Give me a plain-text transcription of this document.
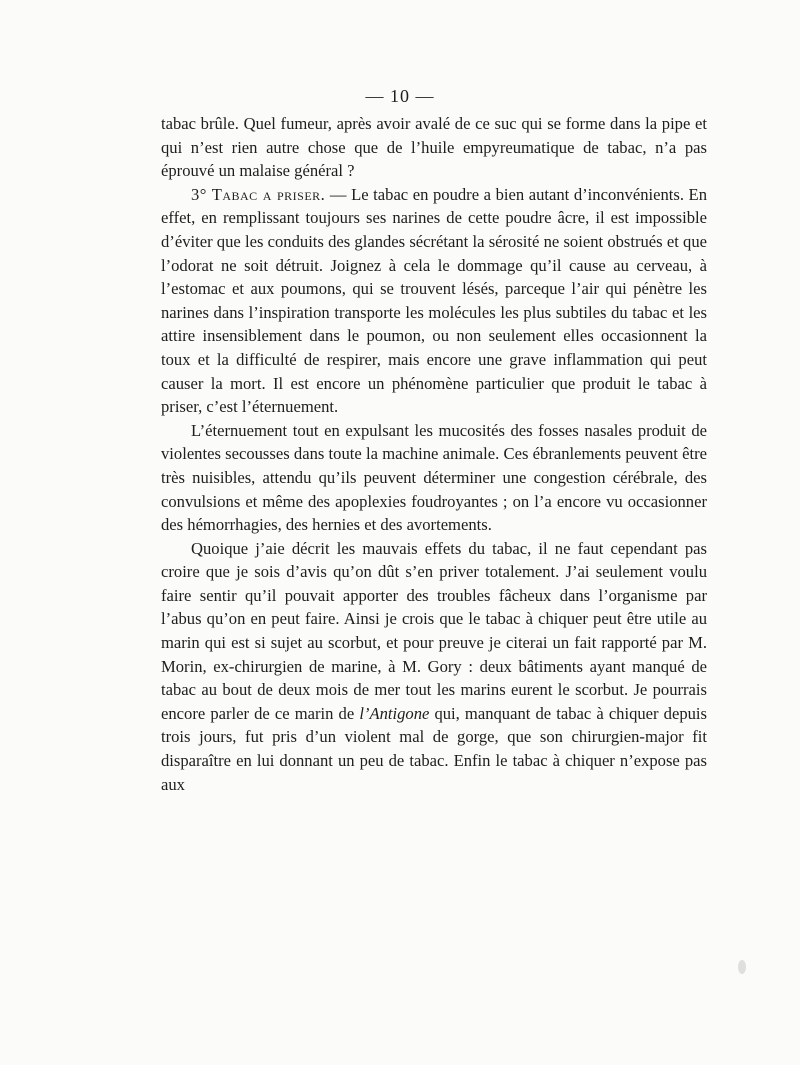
— 10 —

tabac brûle. Quel fumeur, après avoir avalé de ce suc qui se forme dans la pipe et qui n’est rien autre chose que de l’huile empyreumatique de tabac, n’a pas éprouvé un malaise général ?

3° Tabac a priser. — Le tabac en poudre a bien autant d’inconvénients. En effet, en remplissant toujours ses narines de cette poudre âcre, il est impossible d’éviter que les conduits des glandes sécrétant la sérosité ne soient obstrués et que l’odorat ne soit détruit. Joignez à cela le dommage qu’il cause au cerveau, à l’estomac et aux poumons, qui se trouvent lésés, parceque l’air qui pénètre les narines dans l’inspiration transporte les molécules les plus subtiles du tabac et les attire insensiblement dans le poumon, ou non seulement elles occasionnent la toux et la difficulté de respirer, mais encore une grave inflammation qui peut causer la mort. Il est encore un phénomène particulier que produit le tabac à priser, c’est l’éternuement.

L’éternuement tout en expulsant les mucosités des fosses nasales produit de violentes secousses dans toute la machine animale. Ces ébranlements peuvent être très nuisibles, attendu qu’ils peuvent déterminer une congestion cérébrale, des convulsions et même des apoplexies foudroyantes ; on l’a encore vu occasionner des hémorrhagies, des hernies et des avortements.

Quoique j’aie décrit les mauvais effets du tabac, il ne faut cependant pas croire que je sois d’avis qu’on dût s’en priver totalement. J’ai seulement voulu faire sentir qu’il pouvait apporter des troubles fâcheux dans l’organisme par l’abus qu’on en peut faire. Ainsi je crois que le tabac à chiquer peut être utile au marin qui est si sujet au scorbut, et pour preuve je citerai un fait rapporté par M. Morin, ex-chirurgien de marine, à M. Gory : deux bâtiments ayant manqué de tabac au bout de deux mois de mer tout les marins eurent le scorbut. Je pourrais encore parler de ce marin de l’Antigone qui, manquant de tabac à chiquer depuis trois jours, fut pris d’un violent mal de gorge, que son chirurgien-major fit disparaître en lui donnant un peu de tabac. Enfin le tabac à chiquer n’expose pas aux
